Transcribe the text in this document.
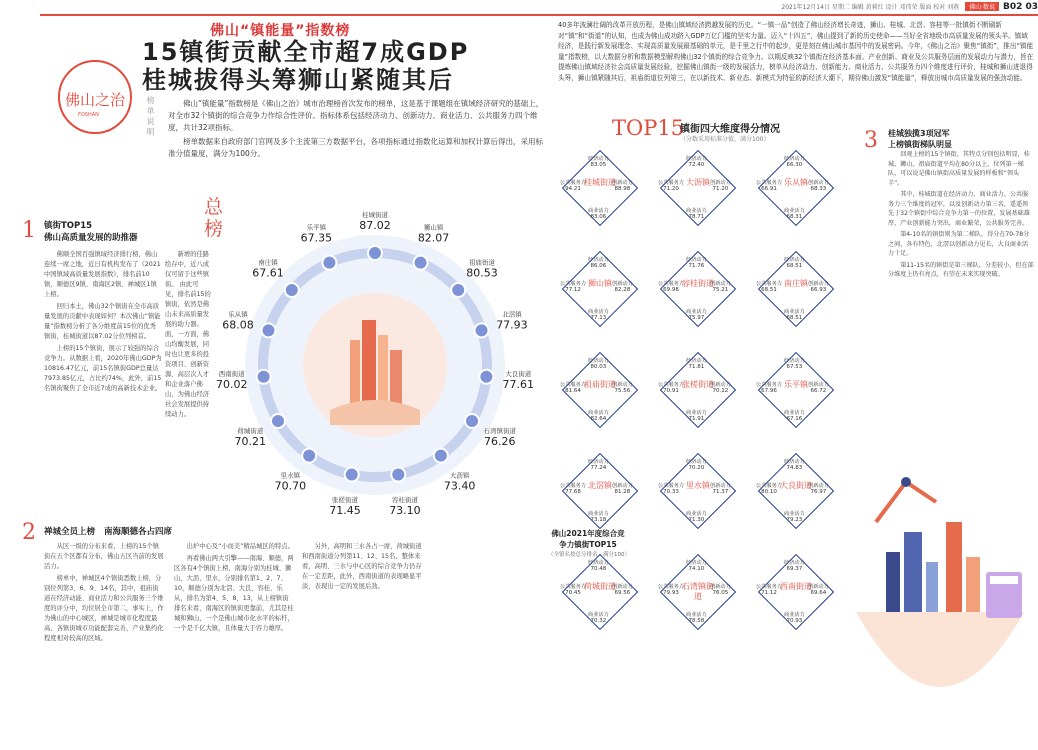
2021年12月14日 星期二 编辑 黄莉红 设计 邓伟荣 版面 校对 刘燕 佛山·数说 B02 03
佛山之治
FOSHAN
佛山“镇能量”指数榜
15镇街贡献全市超7成GDP
桂城拔得头筹狮山紧随其后
榜 单 说 明	佛山“镇能量”指数榜是《佛山之治》城市治理榜首次发布的榜单，这是基于课题组在镇域经济研究的基础上，对全市32个镇街的综合竞争力作综合性评价。指标体系包括经济动力、创新动力、商业活力、公共服务力四个维度，共计32项指标。

榜单数据来自政府部门官网及多个主流第三方数据平台，各项指标通过指数化运算和加权计算后得出，采用标准分值量度，满分为100分。

40多年波澜壮阔的改革开放历程，是佛山镇域经济跨越发展的历史。“一镇一品”创造了佛山经济增长奇迹，狮山、桂城、北滘、容桂等一批镇街不断刷新对“镇”和“街道”的认知，也成为佛山成功跻入GDP万亿门槛的坚实力量。迈入“十四五”，佛山提到了新的历史使命——当好全省地级市高质量发展的领头羊。镇域经济，是践行新发展理念、实现高质量发展最基础的单元，是千里之行中的起步，更是刻在佛山城市基因中的发展密码。今年，《佛山之治》聚焦“镇街”，推出“镇能量”指数榜，以大数据分析和数据模型解构佛山32个镇街的综合竞争力。以期反映32个镇街在经济基本面、产业创新、商业及公共服务层面的发展动力与潜力，旨在提炼佛山镇域经济社会高质量发展经验，挖掘佛山镇街一级的发展活力，榜单从经济动力、创新能力、商业活力、公共服务力四个维度进行评价，桂城和狮山进退得头筹，狮山镇紧随其后，祖庙街道位列第三，在以新技术、新业态、新模式为特征的新经济大潮下，期待佛山激发“镇能量”，释放出城市高质量发展的强劲动能。
1 镇街TOP15
佛山高质量发展的助推器

佛顺全国百强镇域经济排行榜，佛山连续一席之地，近日有机构发布了《2021中国镇域高质量发展指数》，排名前10镇，顺德区9镇、南海区2镇、禅城区1镇上榜。

回归本土，佛山32个镇街在全市高质量发展的贡献中表现如何？本次佛山“镇能量”指数榜分析了各分维度前15位的优秀镇街，桂城街道以87.02分位列榜首。

上榜的15个镇街，展示了较强的综合竞争力。从数据上看，2020年佛山GDP为10816.47亿元，前15名镇街GDP总量达7973.85亿元，占比约74%，此外，前15名镇街聚焦了全市近7成的高新技术企业。

新增的佳路绘存中，近八成仅可留于这些镇街。 由此可见，排名前15的镇街，依然是佛山未来高质量发展的助力器。面，一方面，佛山均衡发展，同时也让更多的投资项目、创新资源、高层次人才和企业落户佛山，为佛山经济社会发展提供持续动力。
2 禅城全员上榜 南海顺德各占四席

从区一级的分布来看，上榜的15个镇街在五个区都有分布，佛山五区当前的发展活力。

榜单中，禅城区4个镇街悉数上榜，分别位列第3、6、9、14名，其中，祖庙街道在经济动能、商业活力和公共服务三个维度的评分中，均位居全市第二，事实上，作为佛山的中心城区，禅城是城市化程度最高、各镇街城市功能配套完善、产业集约化程度相对较高的区域。

出炉中心及“小而美”精品城区的特点。

再看佛山两大引擎——南海、顺德，两区各有4个镇街上榜，南海分别为桂城、狮山、大沥、里水，分别排名第1、2、7、10，顺德分别为北滘、大良、容桂、乐从，排名为第4、5、8、13，从上榜镇街排名来看，南海区的镇街更靠前，尤其是桂城和狮山，一个是佛山城市化水平的标杆，一个是千亿大镇，且体量大于容力雄厚。

另外，高明和三水各占一席，荷城街道和西南街道分列第11、12、15名，整体来看，高明、三水与中心区的综合竞争力仍存在一定差距，此外，西南街道的表现略显平淡，表现出一定的发展后劲。

总榜
桂城街道
87.02	狮山镇
82.07
祖庙街道
80.53
北滘镇
77.93
大良街道
77.61
石湾镇街道
76.26
大沥镇
73.40
容桂街道
73.10
张槎街道
71.45
里水镇
70.70
荷城街道
70.21
西南街道
70.02
乐从镇
68.08
南庄镇
67.61
乐平镇
67.35
佛山2021年度综合竞争力镇街TOP15
（全镇名按总分排名，满分100）
TOP15
镇街四大维度得分情况
（分数采用标准分值，满分100）
桂城街道
经济动力
83.05
创新动力
88.98
商业活力
83.06
公共服务力
94.21
大沥镇
经济动力
72.40
创新动力
71.20
商业活力
78.71
公共服务力
71.20
乐从镇
经济动力
66.30
创新动力
68.33
商业活力
68.31
公共服务力
66.91
狮山镇
经济动力
86.06
创新动力
82.28
商业活力
77.13
公共服务力
77.12
容桂街道
经济动力
71.76
创新动力
75.21
商业活力
75.97
公共服务力
69.98
南庄镇
经济动力
68.51
创新动力
66.93
商业活力
68.51
公共服务力
68.51
祖庙街道
经济动力
80.03
创新动力
75.56
商业活力
82.64
公共服务力
81.64
张槎街道
经济动力
71.81
创新动力
70.12
商业活力
71.91
公共服务力
70.91
乐平镇
经济动力
67.53
创新动力
66.72
商业活力
67.16
公共服务力
67.96
北滘镇
经济动力
77.24
创新动力
81.28
商业活力
73.18
公共服务力
77.68
里水镇
经济动力
70.20
创新动力
71.37
商业活力
71.30
公共服务力
70.33
大良街道
经济动力
74.83
创新动力
76.97
商业活力
79.23
公共服务力
80.10
荷城街道
经济动力
70.48
创新动力
69.56
商业活力
70.32
公共服务力
70.45
石湾镇街道
经济动力
74.10
创新动力
76.05
商业活力
78.58
公共服务力
79.93
西南街道
经济动力
69.37
创新动力
69.64
商业活力
70.93
公共服务力
71.12
3 桂城独揽3项冠军
上榜镇街梯队明显

回观上榜的15个镇街，其特点分别包括明显，桂城、狮山、祖庙街道平均在80分以上，位列第一梯队，可以说是佛山镇街高质量发展的样板和“领头羊”。

其中，桂城街道在经济动力、商业活力、公共服务力三个维度的冠军，以及创新动力第三名，遥遥领先于32个镇街中综合竞争力第一的位置，发展基础雄厚，产业创新能力突出，商业繁荣，公共服务完善。

第4-10名的镇街则为第二梯队，得分在70-78分之间，各有特色，北滘以创新动力见长，大良商业活力十足。

第11-15名的镇街是第三梯队，分差较小，但在部分维度上仍有亮点，有望在未来实现突破。
